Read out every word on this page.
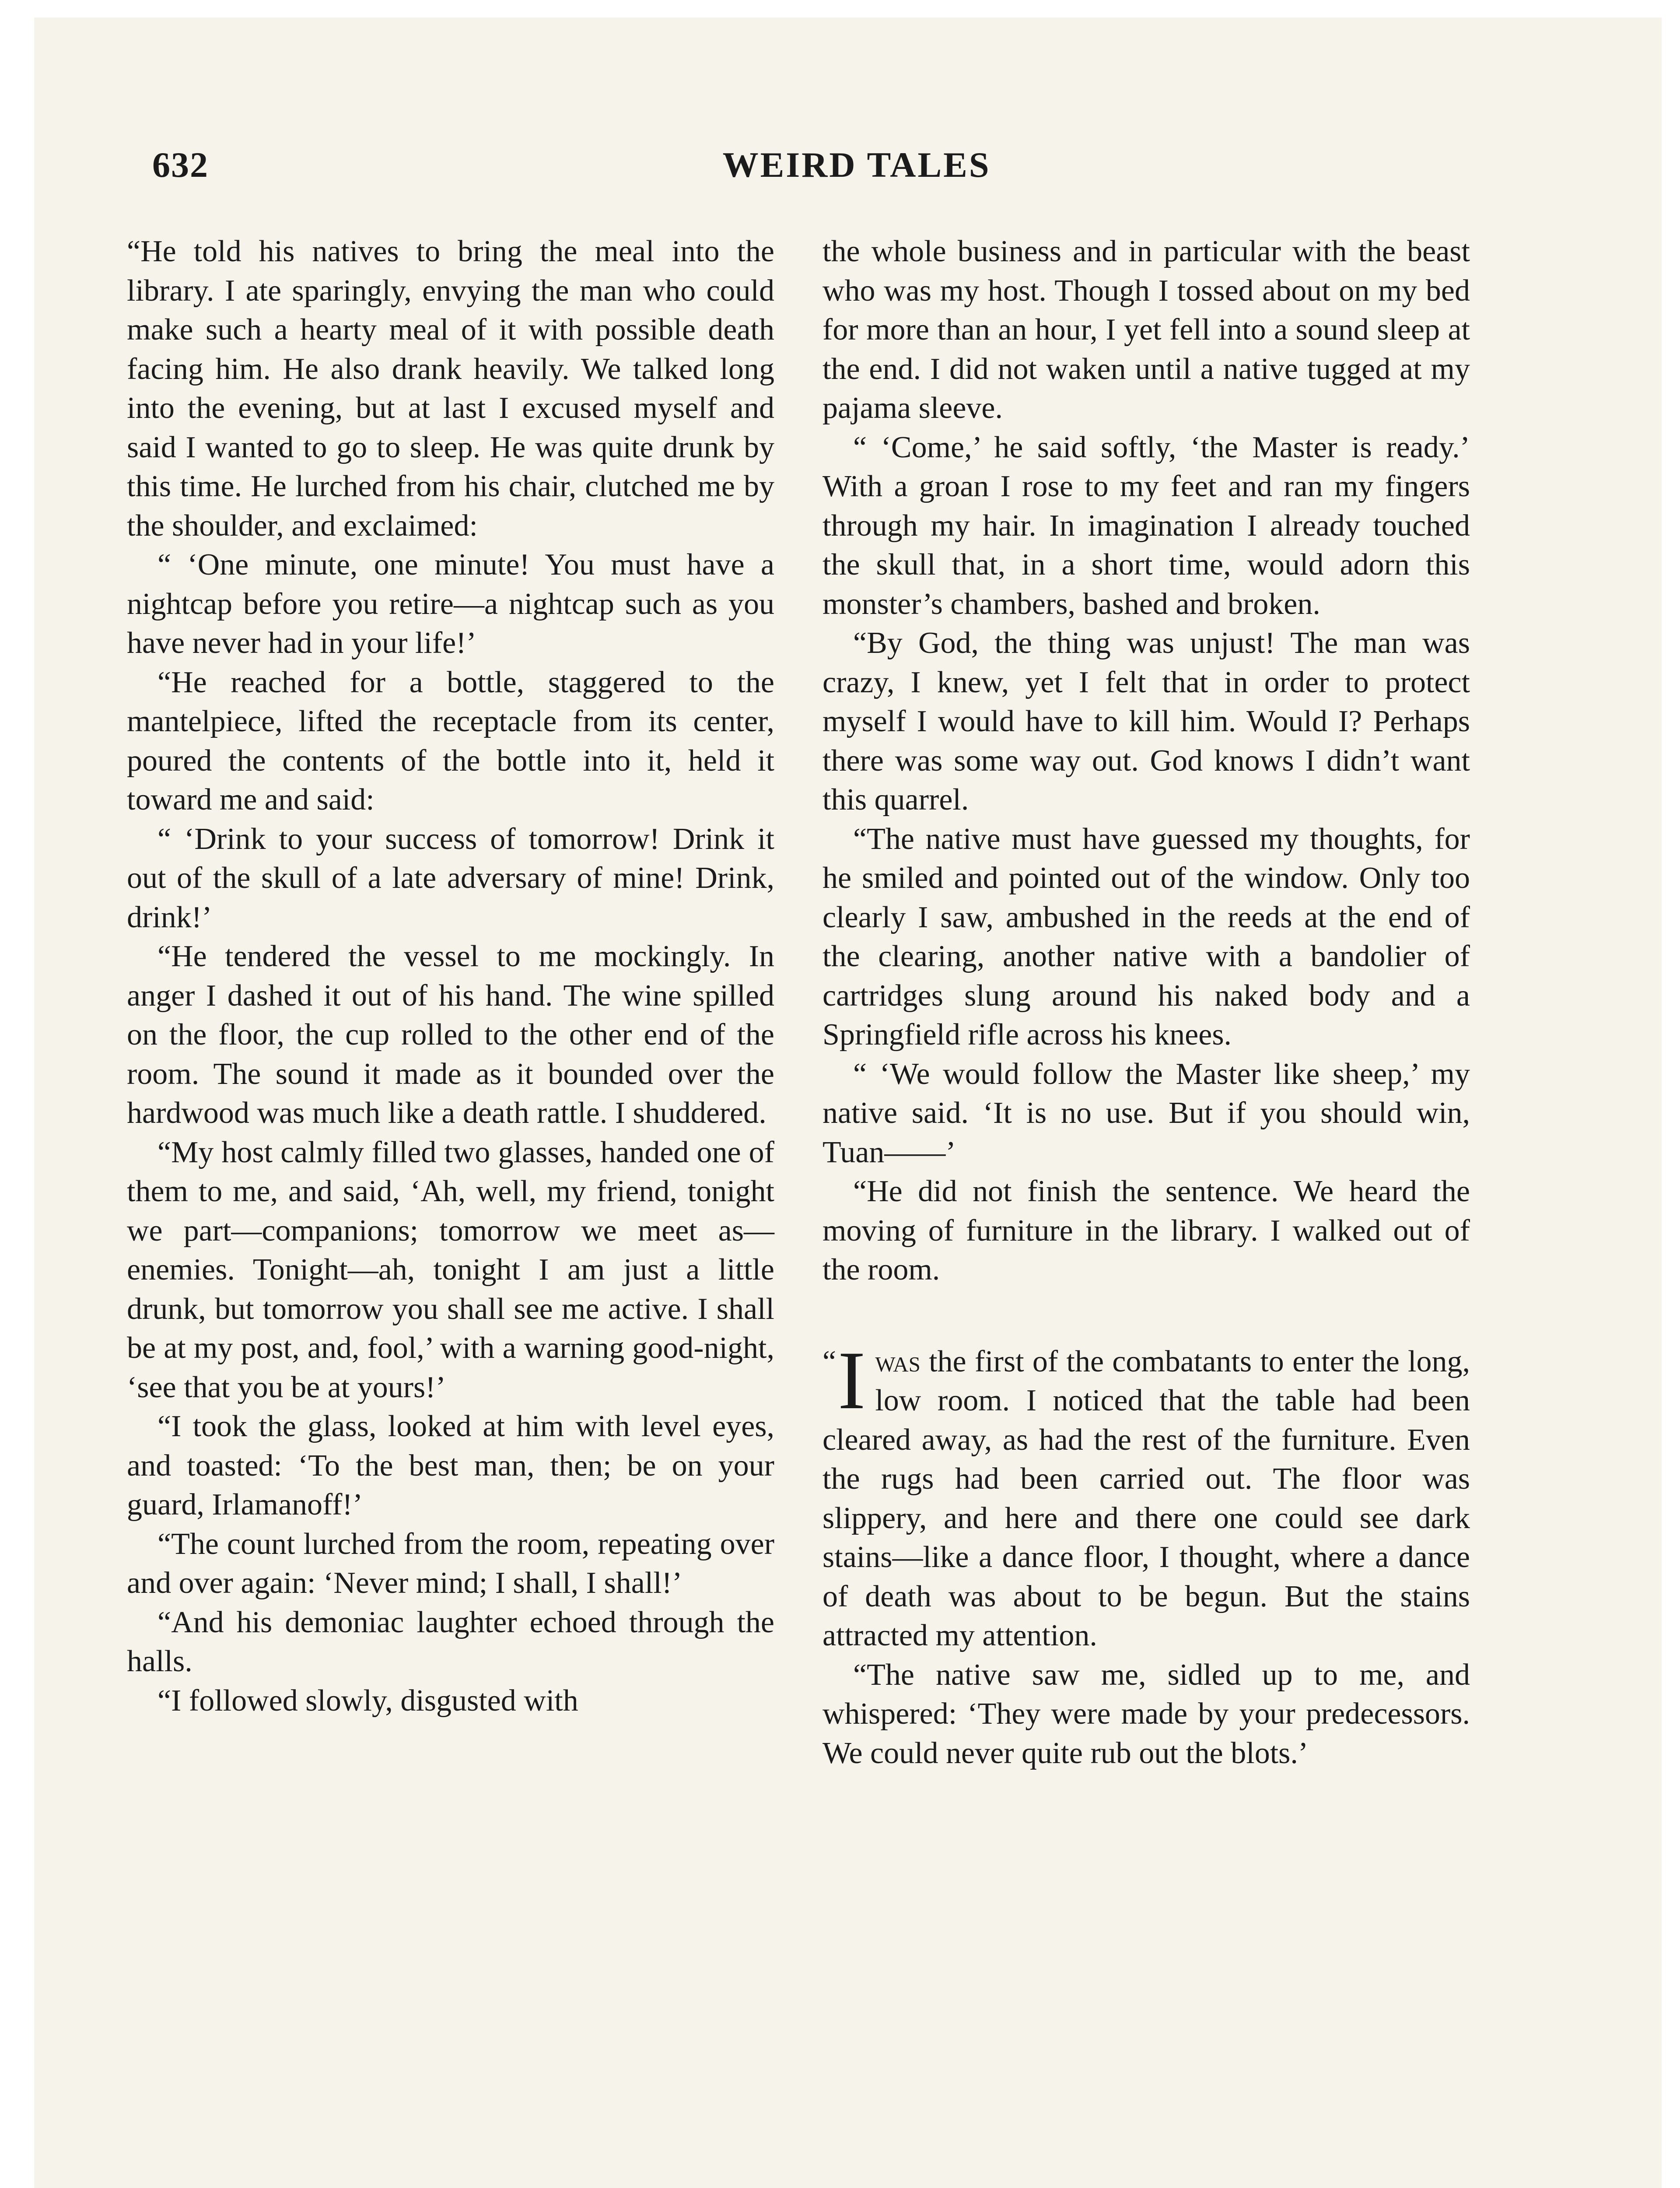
632	WEIRD TALES

“He told his natives to bring the meal into the library. I ate sparingly, envying the man who could make such a hearty meal of it with possible death facing him. He also drank heavily. We talked long into the evening, but at last I excused myself and said I wanted to go to sleep. He was quite drunk by this time. He lurched from his chair, clutched me by the shoulder, and exclaimed:

“ ‘One minute, one minute! You must have a nightcap before you retire—a nightcap such as you have never had in your life!’

“He reached for a bottle, staggered to the mantelpiece, lifted the receptacle from its center, poured the contents of the bottle into it, held it toward me and said:

“ ‘Drink to your success of tomorrow! Drink it out of the skull of a late adversary of mine! Drink, drink!’

“He tendered the vessel to me mockingly. In anger I dashed it out of his hand. The wine spilled on the floor, the cup rolled to the other end of the room. The sound it made as it bounded over the hardwood was much like a death rattle. I shuddered.

“My host calmly filled two glasses, handed one of them to me, and said, ‘Ah, well, my friend, tonight we part—companions; tomorrow we meet as—enemies. Tonight—ah, tonight I am just a little drunk, but tomorrow you shall see me active. I shall be at my post, and, fool,’ with a warning good-night, ‘see that you be at yours!’

“I took the glass, looked at him with level eyes, and toasted: ‘To the best man, then; be on your guard, Irlamanoff!’

“The count lurched from the room, repeating over and over again: ‘Never mind; I shall, I shall!’

“And his demoniac laughter echoed through the halls.

“I followed slowly, disgusted with

the whole business and in particular with the beast who was my host. Though I tossed about on my bed for more than an hour, I yet fell into a sound sleep at the end. I did not waken until a native tugged at my pajama sleeve.

“ ‘Come,’ he said softly, ‘the Master is ready.’ With a groan I rose to my feet and ran my fingers through my hair. In imagination I already touched the skull that, in a short time, would adorn this monster’s chambers, bashed and broken.

“By God, the thing was unjust! The man was crazy, I knew, yet I felt that in order to protect myself I would have to kill him. Would I? Perhaps there was some way out. God knows I didn’t want this quarrel.

“The native must have guessed my thoughts, for he smiled and pointed out of the window. Only too clearly I saw, ambushed in the reeds at the end of the clearing, another native with a bandolier of cartridges slung around his naked body and a Springfield rifle across his knees.

“ ‘We would follow the Master like sheep,’ my native said. ‘It is no use. But if you should win, Tuan——’

“He did not finish the sentence. We heard the moving of furniture in the library. I walked out of the room.

“ I was the first of the combatants to enter the long, low room. I noticed that the table had been cleared away, as had the rest of the furniture. Even the rugs had been carried out. The floor was slippery, and here and there one could see dark stains—like a dance floor, I thought, where a dance of death was about to be begun. But the stains attracted my attention.

“The native saw me, sidled up to me, and whispered: ‘They were made by your predecessors. We could never quite rub out the blots.’
